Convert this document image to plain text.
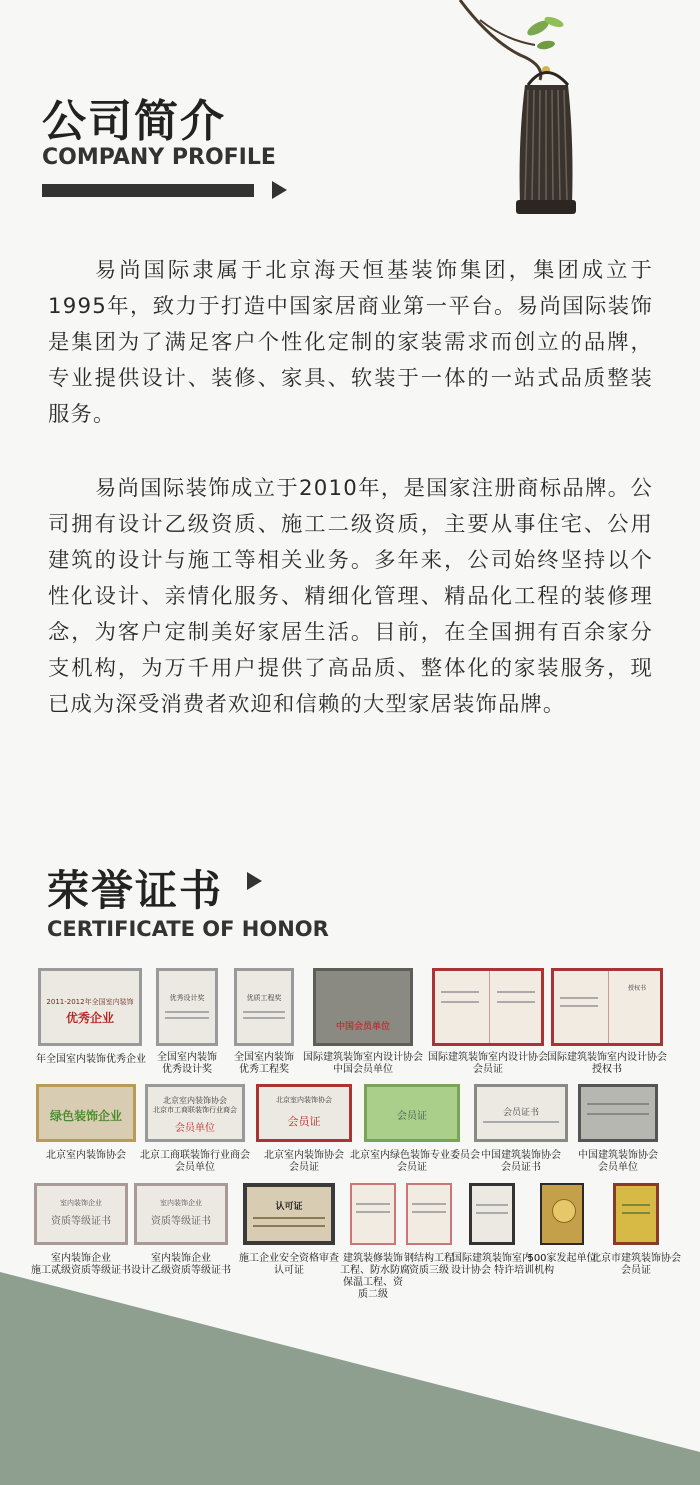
公司简介
COMPANY PROFILE

易尚国际隶属于北京海天恒基装饰集团，集团成立于1995年，致力于打造中国家居商业第一平台。易尚国际装饰是集团为了满足客户个性化定制的家装需求而创立的品牌，专业提供设计、装修、家具、软装于一体的一站式品质整装服务。

易尚国际装饰成立于2010年，是国家注册商标品牌。公司拥有设计乙级资质、施工二级资质，主要从事住宅、公用建筑的设计与施工等相关业务。多年来，公司始终坚持以个性化设计、亲情化服务、精细化管理、精品化工程的装修理念，为客户定制美好家居生活。目前，在全国拥有百余家分支机构，为万千用户提供了高品质、整体化的家装服务，现已成为深受消费者欢迎和信赖的大型家居装饰品牌。

荣誉证书
CERTIFICATE OF HONOR
2011-2012年全国室内装饰
优秀企业
年全国室内装饰优秀企业
优秀设计奖
全国室内装饰
优秀设计奖
优质工程奖
全国室内装饰
优秀工程奖
中国会员单位
国际建筑装饰室内设计协会
中国会员单位
国际建筑装饰室内设计协会
会员证
授权书
国际建筑装饰室内设计协会
授权书
绿色装饰企业
北京室内装饰协会
北京室内装饰协会
北京市工商联装饰行业商会
会员单位
北京工商联装饰行业商会
会员单位
北京室内装饰协会
会员证
北京室内装饰协会
会员证
会员证
北京室内绿色装饰专业委员会
会员证
会员证书
中国建筑装饰协会
会员证书
中国建筑装饰协会
会员单位
室内装饰企业
资质等级证书
室内装饰企业
施工贰级资质等级证书
室内装饰企业
资质等级证书
室内装饰企业
设计乙级资质等级证书
认可证
施工企业安全资格审查
认可证
建筑装修装饰
工程、防水防腐
保温工程、资
质二级
钢结构工程
资质三级
国际建筑装饰室内
设计协会 特许培训机构
500家发起单位
北京市建筑装饰协会
会员证
